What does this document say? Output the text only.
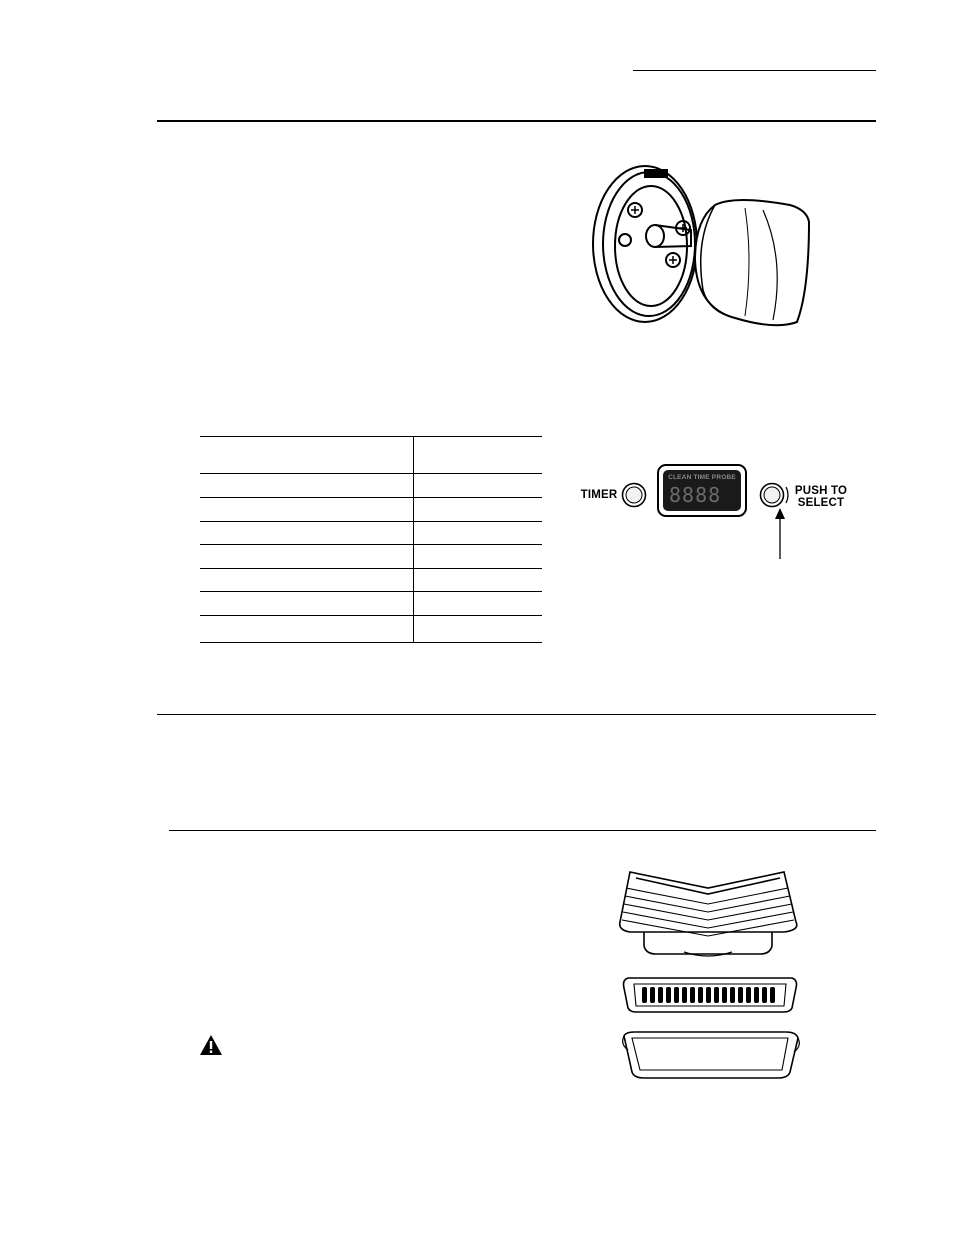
TIMER
CLEAN TIME PROBE
8888	PUSH TO
SELECT
